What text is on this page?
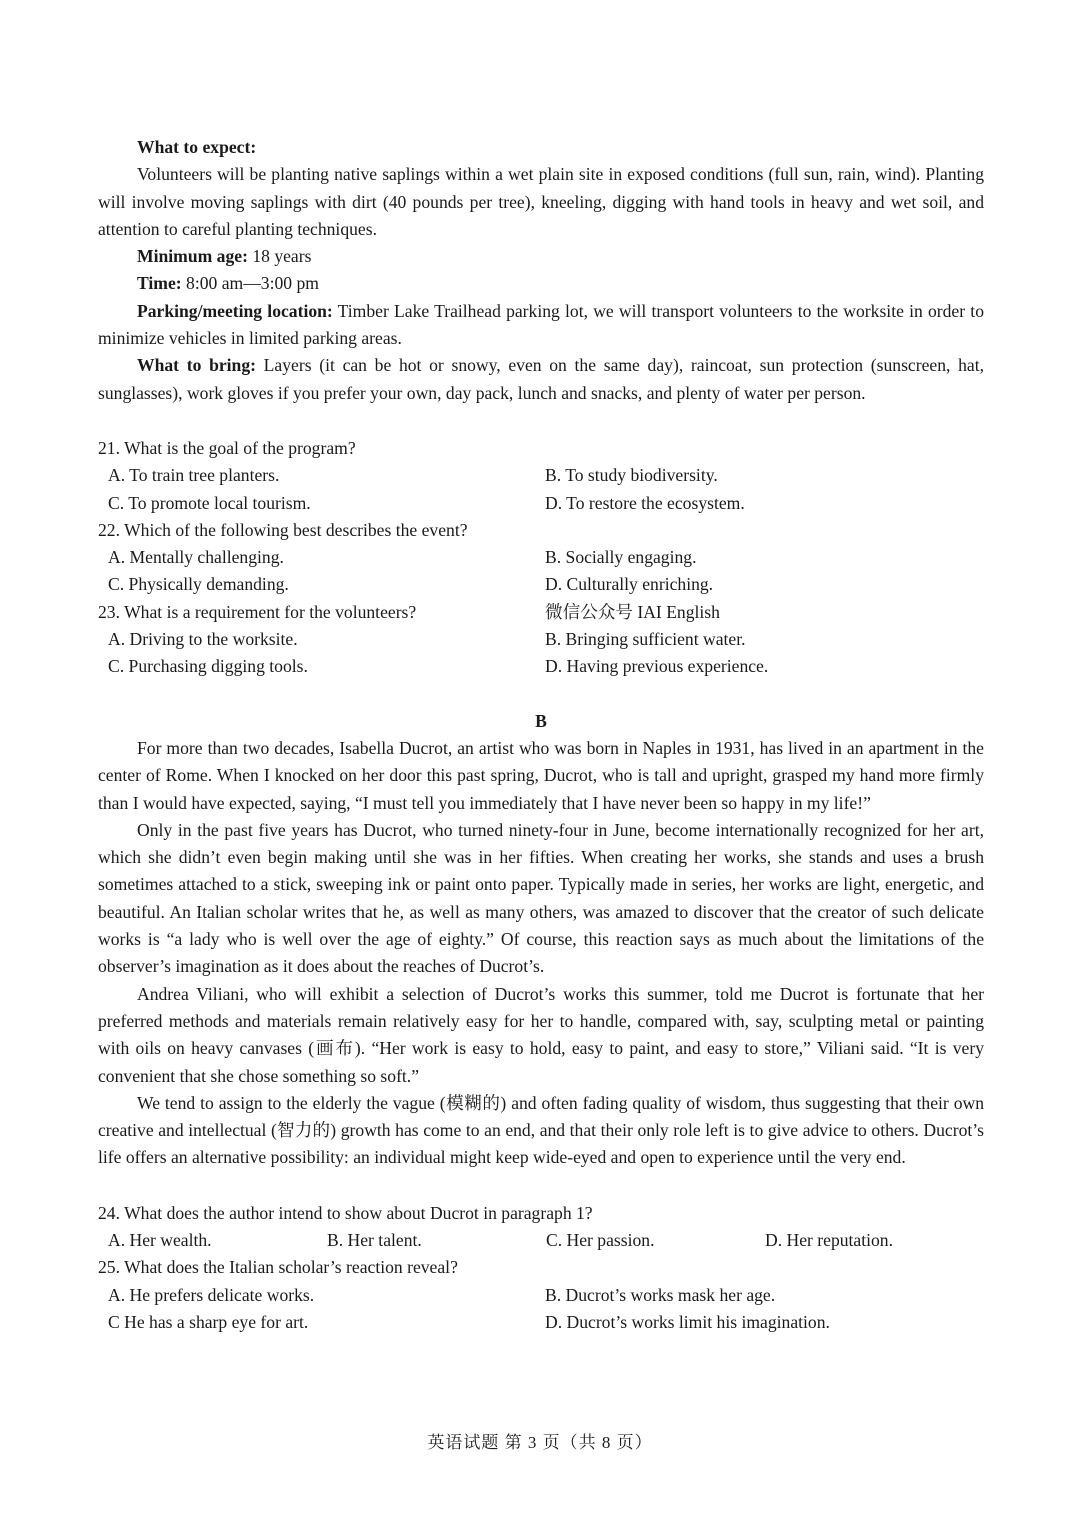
What to expect:

Volunteers will be planting native saplings within a wet plain site in exposed conditions (full sun, rain, wind). Planting will involve moving saplings with dirt (40 pounds per tree), kneeling, digging with hand tools in heavy and wet soil, and attention to careful planting techniques.

Minimum age: 18 years

Time: 8:00 am—3:00 pm

Parking/meeting location: Timber Lake Trailhead parking lot, we will transport volunteers to the worksite in order to minimize vehicles in limited parking areas.

What to bring: Layers (it can be hot or snowy, even on the same day), raincoat, sun protection (sunscreen, hat, sunglasses), work gloves if you prefer your own, day pack, lunch and snacks, and plenty of water per person.

21. What is the goal of the program?
A. To train tree planters.	B. To study biodiversity.
C. To promote local tourism.	D. To restore the ecosystem.
22. Which of the following best describes the event?
A. Mentally challenging.	B. Socially engaging.
C. Physically demanding.	D. Culturally enriching.
23. What is a requirement for the volunteers?	微信公众号 IAI English
A. Driving to the worksite.	B. Bringing sufficient water.
C. Purchasing digging tools.	D. Having previous experience.
B

For more than two decades, Isabella Ducrot, an artist who was born in Naples in 1931, has lived in an apartment in the center of Rome. When I knocked on her door this past spring, Ducrot, who is tall and upright, grasped my hand more firmly than I would have expected, saying, “I must tell you immediately that I have never been so happy in my life!”

Only in the past five years has Ducrot, who turned ninety-four in June, become internationally recognized for her art, which she didn’t even begin making until she was in her fifties. When creating her works, she stands and uses a brush sometimes attached to a stick, sweeping ink or paint onto paper. Typically made in series, her works are light, energetic, and beautiful. An Italian scholar writes that he, as well as many others, was amazed to discover that the creator of such delicate works is “a lady who is well over the age of eighty.” Of course, this reaction says as much about the limitations of the observer’s imagination as it does about the reaches of Ducrot’s.

Andrea Viliani, who will exhibit a selection of Ducrot’s works this summer, told me Ducrot is fortunate that her preferred methods and materials remain relatively easy for her to handle, compared with, say, sculpting metal or painting with oils on heavy canvases (画布). “Her work is easy to hold, easy to paint, and easy to store,” Viliani said. “It is very convenient that she chose something so soft.”

We tend to assign to the elderly the vague (模糊的) and often fading quality of wisdom, thus suggesting that their own creative and intellectual (智力的) growth has come to an end, and that their only role left is to give advice to others. Ducrot’s life offers an alternative possibility: an individual might keep wide-eyed and open to experience until the very end.

24. What does the author intend to show about Ducrot in paragraph 1?
A. Her wealth.	B. Her talent.	C. Her passion.	D. Her reputation.
25. What does the Italian scholar’s reaction reveal?
A. He prefers delicate works.	B. Ducrot’s works mask her age.
C He has a sharp eye for art.	D. Ducrot’s works limit his imagination.
英语试题 第 3 页（共 8 页）
